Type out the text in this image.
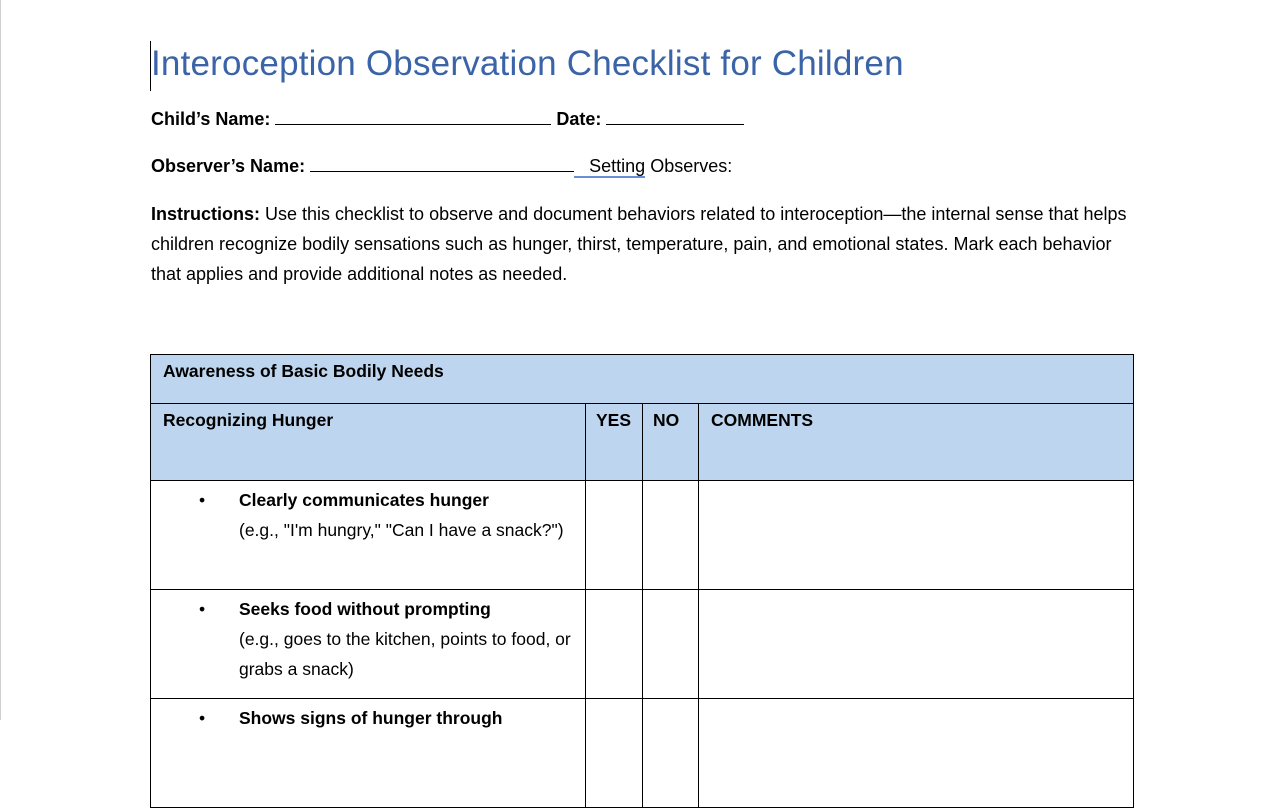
Interoception Observation Checklist for Children
Child’s Name:	Date:
Observer’s Name:	Setting Observes:
Instructions: Use this checklist to observe and document behaviors related to interoception—the internal sense that helps children recognize bodily sensations such as hunger, thirst, temperature, pain, and emotional states. Mark each behavior that applies and provide additional notes as needed.
Awareness of Basic Bodily Needs			
Recognizing Hunger	YES	NO	COMMENTS

• Clearly communicates hunger
(e.g., "I'm hungry," "Can I have a snack?")			

• Seeks food without prompting
(e.g., goes to the kitchen, points to food, or grabs a snack)			

• Shows signs of hunger through			
